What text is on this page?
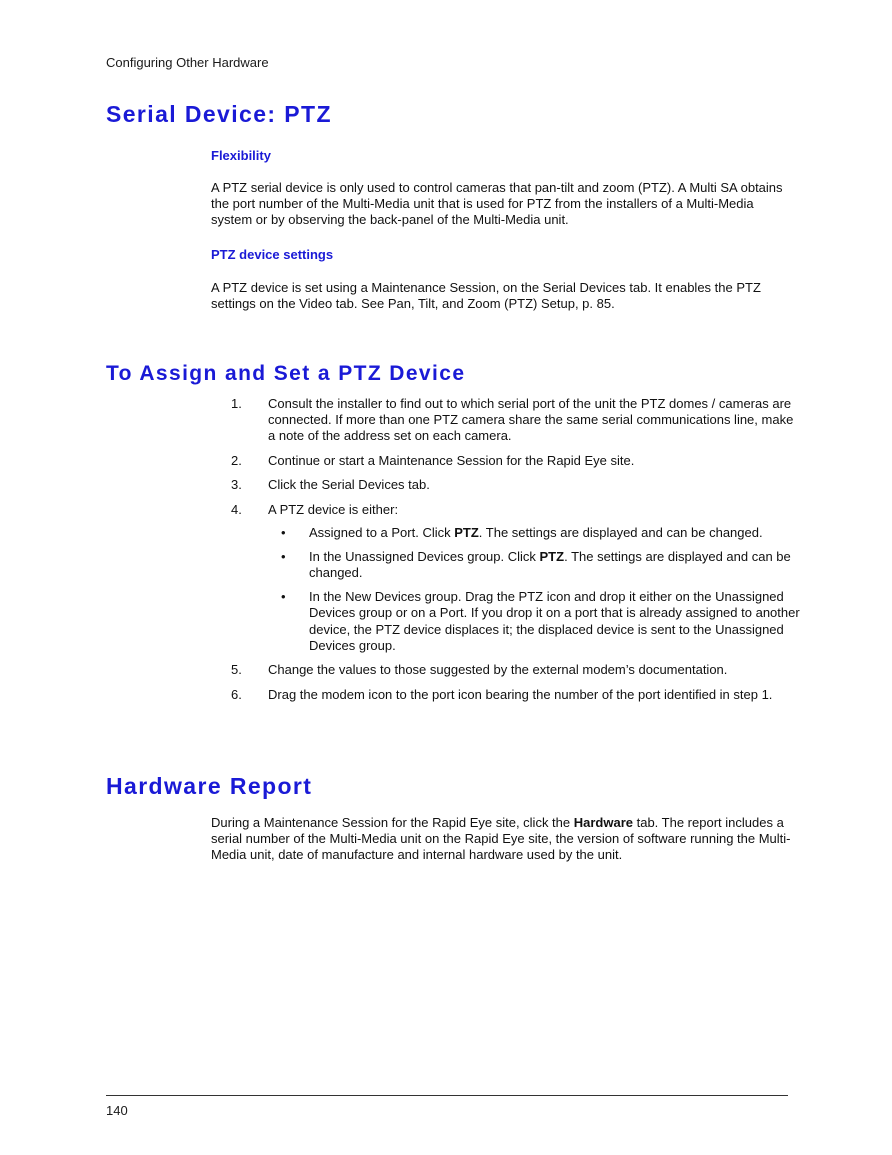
Configuring Other Hardware
Serial Device: PTZ
Flexibility

A PTZ serial device is only used to control cameras that pan-tilt and zoom (PTZ). A Multi SA obtains the port number of the Multi-Media unit that is used for PTZ from the installers of a Multi-Media system or by observing the back-panel of the Multi-Media unit.

PTZ device settings

A PTZ device is set using a Maintenance Session, on the Serial Devices tab. It enables the PTZ settings on the Video tab. See Pan, Tilt, and Zoom (PTZ) Setup, p. 85.

To Assign and Set a PTZ Device
1. Consult the installer to find out to which serial port of the unit the PTZ domes / cameras are connected. If more than one PTZ camera share the same serial communications line, make a note of the address set on each camera.
2. Continue or start a Maintenance Session for the Rapid Eye site.
3. Click the Serial Devices tab.
4. A PTZ device is either:
• Assigned to a Port. Click PTZ. The settings are displayed and can be changed.
• In the Unassigned Devices group. Click PTZ. The settings are displayed and can be changed.
• In the New Devices group. Drag the PTZ icon and drop it either on the Unassigned Devices group or on a Port. If you drop it on a port that is already assigned to another device, the PTZ device displaces it; the displaced device is sent to the Unassigned Devices group.
5. Change the values to those suggested by the external modem’s documentation.
6. Drag the modem icon to the port icon bearing the number of the port identified in step 1.
Hardware Report

During a Maintenance Session for the Rapid Eye site, click the Hardware tab. The report includes a serial number of the Multi-Media unit on the Rapid Eye site, the version of software running the Multi-Media unit, date of manufacture and internal hardware used by the unit.

140
